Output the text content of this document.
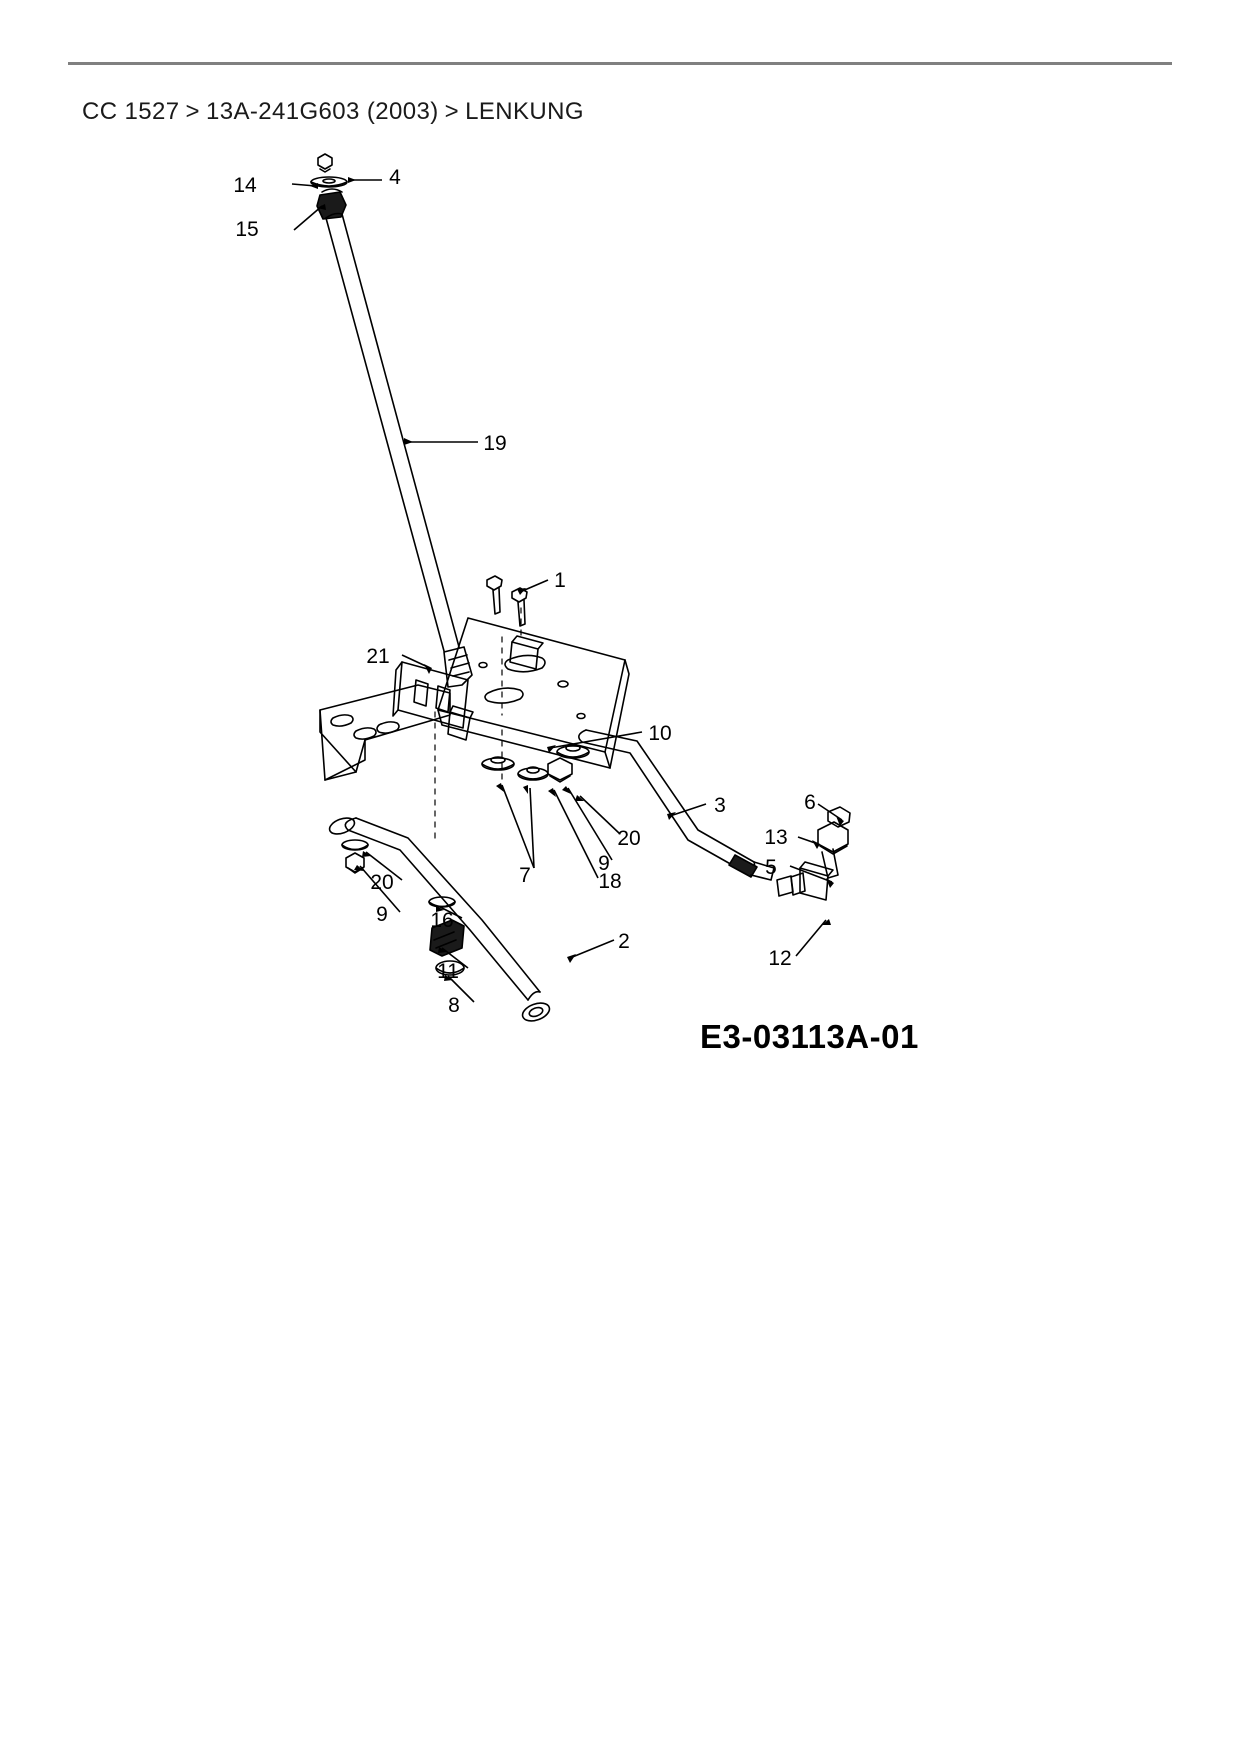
CC 1527 > 13A-241G603 (2003) > LENKUNG
14	4
15
19
1
21
10
3	6
13
20
9
7	18
5
20
9 16
2
12
11
8
E3-03113A-01
